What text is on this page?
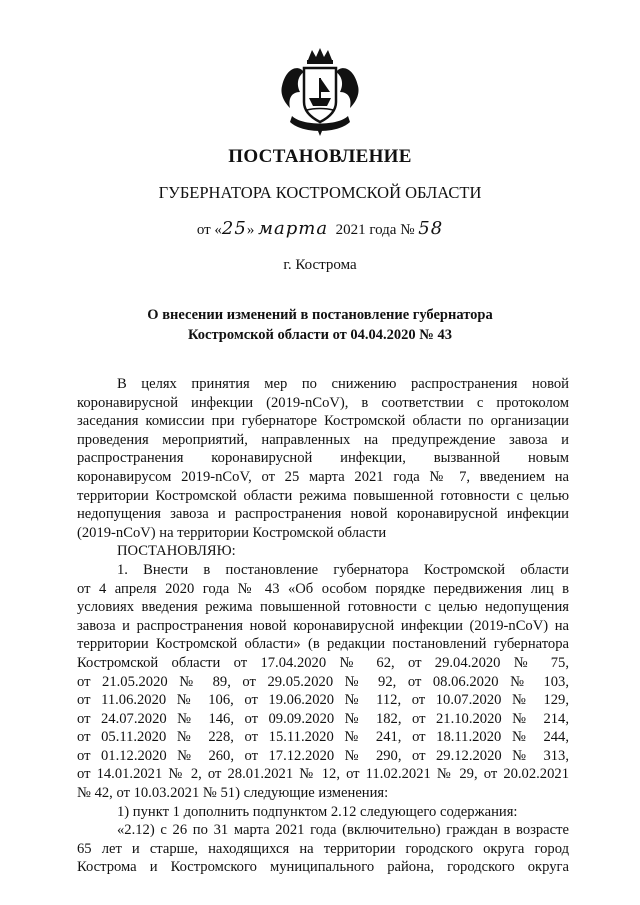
ПОСТАНОВЛЕНИЕ
ГУБЕРНАТОРА КОСТРОМСКОЙ ОБЛАСТИ
от «25» марта 2021 года № 58
г. Кострома
О внесении изменений в постановление губернатора
Костромской области от 04.04.2020 № 43
В целях принятия мер по снижению распространения новой
коронавирусной инфекции (2019-nCoV), в соответствии с протоколом
заседания комиссии при губернаторе Костромской области по организации
проведения мероприятий, направленных на предупреждение завоза и
распространения коронавирусной инфекции, вызванной новым
коронавирусом 2019-nCoV, от 25 марта 2021 года № 7, введением на
территории Костромской области режима повышенной готовности с целью
недопущения завоза и распространения новой коронавирусной инфекции
(2019-nCoV) на территории Костромской области
ПОСТАНОВЛЯЮ:
1. Внести в постановление губернатора Костромской области
от 4 апреля 2020 года № 43 «Об особом порядке передвижения лиц в
условиях введения режима повышенной готовности с целью недопущения
завоза и распространения новой коронавирусной инфекции (2019-nCoV) на
территории Костромской области» (в редакции постановлений губернатора
Костромской области от 17.04.2020 № 62, от 29.04.2020 № 75,
от 21.05.2020 № 89, от 29.05.2020 № 92, от 08.06.2020 № 103,
от 11.06.2020 № 106, от 19.06.2020 № 112, от 10.07.2020 № 129,
от 24.07.2020 № 146, от 09.09.2020 № 182, от 21.10.2020 № 214,
от 05.11.2020 № 228, от 15.11.2020 № 241, от 18.11.2020 № 244,
от 01.12.2020 № 260, от 17.12.2020 № 290, от 29.12.2020 № 313,
от 14.01.2021 № 2, от 28.01.2021 № 12, от 11.02.2021 № 29, от 20.02.2021
№ 42, от 10.03.2021 № 51) следующие изменения:
1) пункт 1 дополнить подпунктом 2.12 следующего содержания:
«2.12) с 26 по 31 марта 2021 года (включительно) граждан в возрасте
65 лет и старше, находящихся на территории городского округа город
Кострома и Костромского муниципального района, городского округа
